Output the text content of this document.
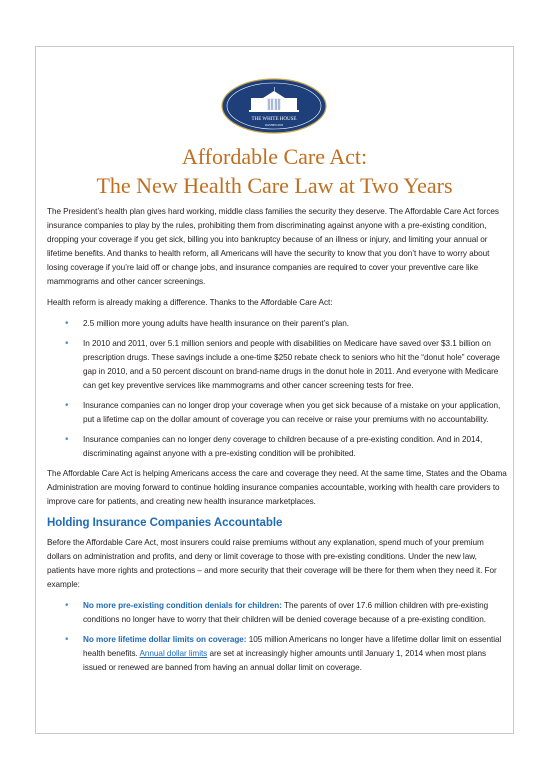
THE WHITE HOUSE
WASHINGTON
Affordable Care Act:
The New Health Care Law at Two Years

The President’s health plan gives hard working, middle class families the security they deserve. The Affordable Care Act forces insurance companies to play by the rules, prohibiting them from discriminating against anyone with a pre-existing condition, dropping your coverage if you get sick, billing you into bankruptcy because of an illness or injury, and limiting your annual or lifetime benefits. And thanks to health reform, all Americans will have the security to know that you don’t have to worry about losing coverage if you’re laid off or change jobs, and insurance companies are required to cover your preventive care like mammograms and other cancer screenings.

Health reform is already making a difference. Thanks to the Affordable Care Act:

• 2.5 million more young adults have health insurance on their parent’s plan.
• In 2010 and 2011, over 5.1 million seniors and people with disabilities on Medicare have saved over $3.1 billion on prescription drugs. These savings include a one-time $250 rebate check to seniors who hit the “donut hole” coverage gap in 2010, and a 50 percent discount on brand-name drugs in the donut hole in 2011. And everyone with Medicare can get key preventive services like mammograms and other cancer screening tests for free.
• Insurance companies can no longer drop your coverage when you get sick because of a mistake on your application, put a lifetime cap on the dollar amount of coverage you can receive or raise your premiums with no accountability.
• Insurance companies can no longer deny coverage to children because of a pre-existing condition. And in 2014, discriminating against anyone with a pre-existing condition will be prohibited.

The Affordable Care Act is helping Americans access the care and coverage they need. At the same time, States and the Obama Administration are moving forward to continue holding insurance companies accountable, working with health care providers to improve care for patients, and creating new health insurance marketplaces.

Holding Insurance Companies Accountable

Before the Affordable Care Act, most insurers could raise premiums without any explanation, spend much of your premium dollars on administration and profits, and deny or limit coverage to those with pre-existing conditions. Under the new law, patients have more rights and protections – and more security that their coverage will be there for them when they need it. For example:

• No more pre-existing condition denials for children: The parents of over 17.6 million children with pre-existing conditions no longer have to worry that their children will be denied coverage because of a pre-existing condition.
• No more lifetime dollar limits on coverage: 105 million Americans no longer have a lifetime dollar limit on essential health benefits. Annual dollar limits are set at increasingly higher amounts until January 1, 2014 when most plans issued or renewed are banned from having an annual dollar limit on coverage.
